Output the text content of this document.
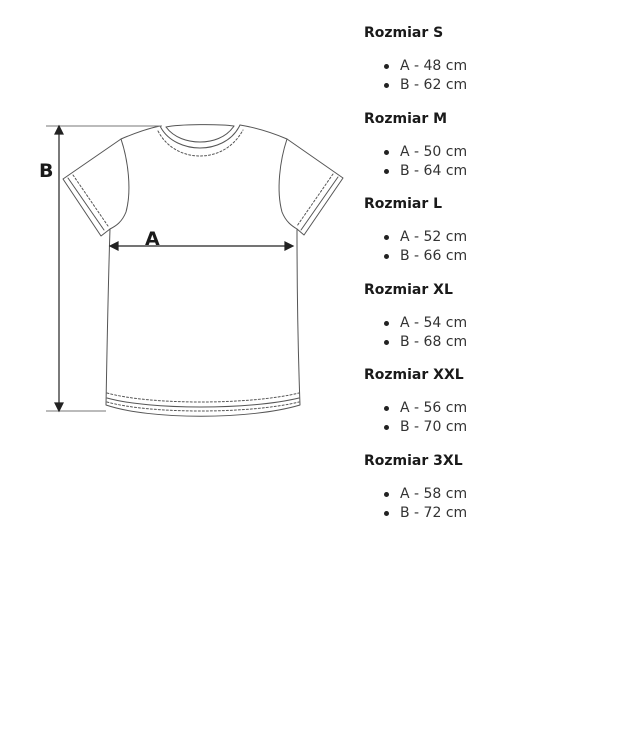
B
A
Rozmiar S
A - 48 cm
B - 62 cm
Rozmiar M
A - 50 cm
B - 64 cm
Rozmiar L
A - 52 cm
B - 66 cm
Rozmiar XL
A - 54 cm
B - 68 cm
Rozmiar XXL
A - 56 cm
B - 70 cm
Rozmiar 3XL
A - 58 cm
B - 72 cm
